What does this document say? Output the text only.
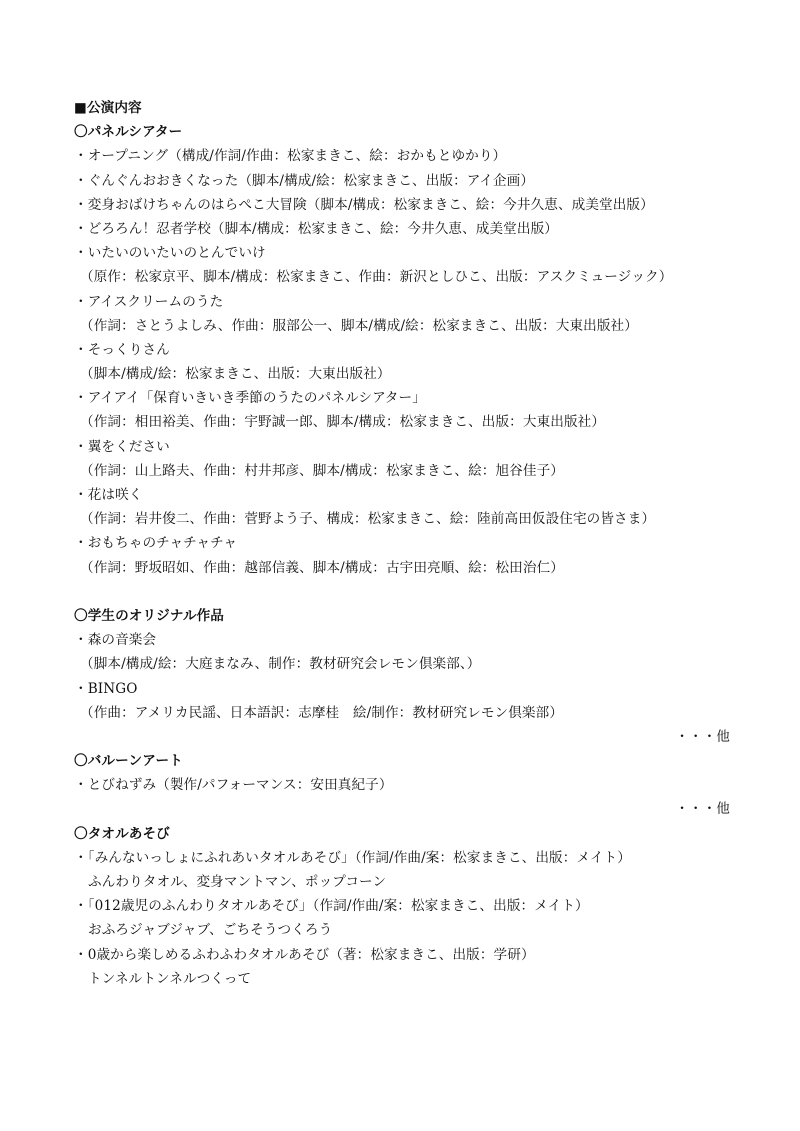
■公演内容
〇パネルシアター
・オープニング（構成/作詞/作曲：松家まきこ、絵：おかもとゆかり）
・ぐんぐんおおきくなった（脚本/構成/絵：松家まきこ、出版：アイ企画）
・変身おばけちゃんのはらぺこ大冒険（脚本/構成：松家まきこ、絵：今井久恵、成美堂出版）
・どろろん！忍者学校（脚本/構成：松家まきこ、絵：今井久恵、成美堂出版）
・いたいのいたいのとんでいけ
（原作：松家京平、脚本/構成：松家まきこ、作曲：新沢としひこ、出版：アスクミュージック）
・アイスクリームのうた
（作詞：さとうよしみ、作曲：服部公一、脚本/構成/絵：松家まきこ、出版：大東出版社）
・そっくりさん
（脚本/構成/絵：松家まきこ、出版：大東出版社）
・アイアイ「保育いきいき季節のうたのパネルシアター」
（作詞：相田裕美、作曲：宇野誠一郎、脚本/構成：松家まきこ、出版：大東出版社）
・翼をください
（作詞：山上路夫、作曲：村井邦彦、脚本/構成：松家まきこ、絵：旭谷佳子）
・花は咲く
（作詞：岩井俊二、作曲：菅野よう子、構成：松家まきこ、絵：陸前高田仮設住宅の皆さま）
・おもちゃのチャチャチャ
（作詞：野坂昭如、作曲：越部信義、脚本/構成：古宇田亮順、絵：松田治仁）
〇学生のオリジナル作品
・森の音楽会
（脚本/構成/絵：大庭まなみ、制作：教材研究会レモン倶楽部、）
・BINGO
（作曲：アメリカ民謡、日本語訳：志摩桂　絵/制作：教材研究レモン倶楽部）
・・・他
〇バルーンアート
・とびねずみ（製作/パフォーマンス：安田真紀子）
・・・他
〇タオルあそび
・「みんないっしょにふれあいタオルあそび」（作詞/作曲/案：松家まきこ、出版：メイト）
ふんわりタオル、変身マントマン、ポップコーン
・「012歳児のふんわりタオルあそび」（作詞/作曲/案：松家まきこ、出版：メイト）
おふろジャブジャブ、ごちそうつくろう
・0歳から楽しめるふわふわタオルあそび（著：松家まきこ、出版：学研）
トンネルトンネルつくって
